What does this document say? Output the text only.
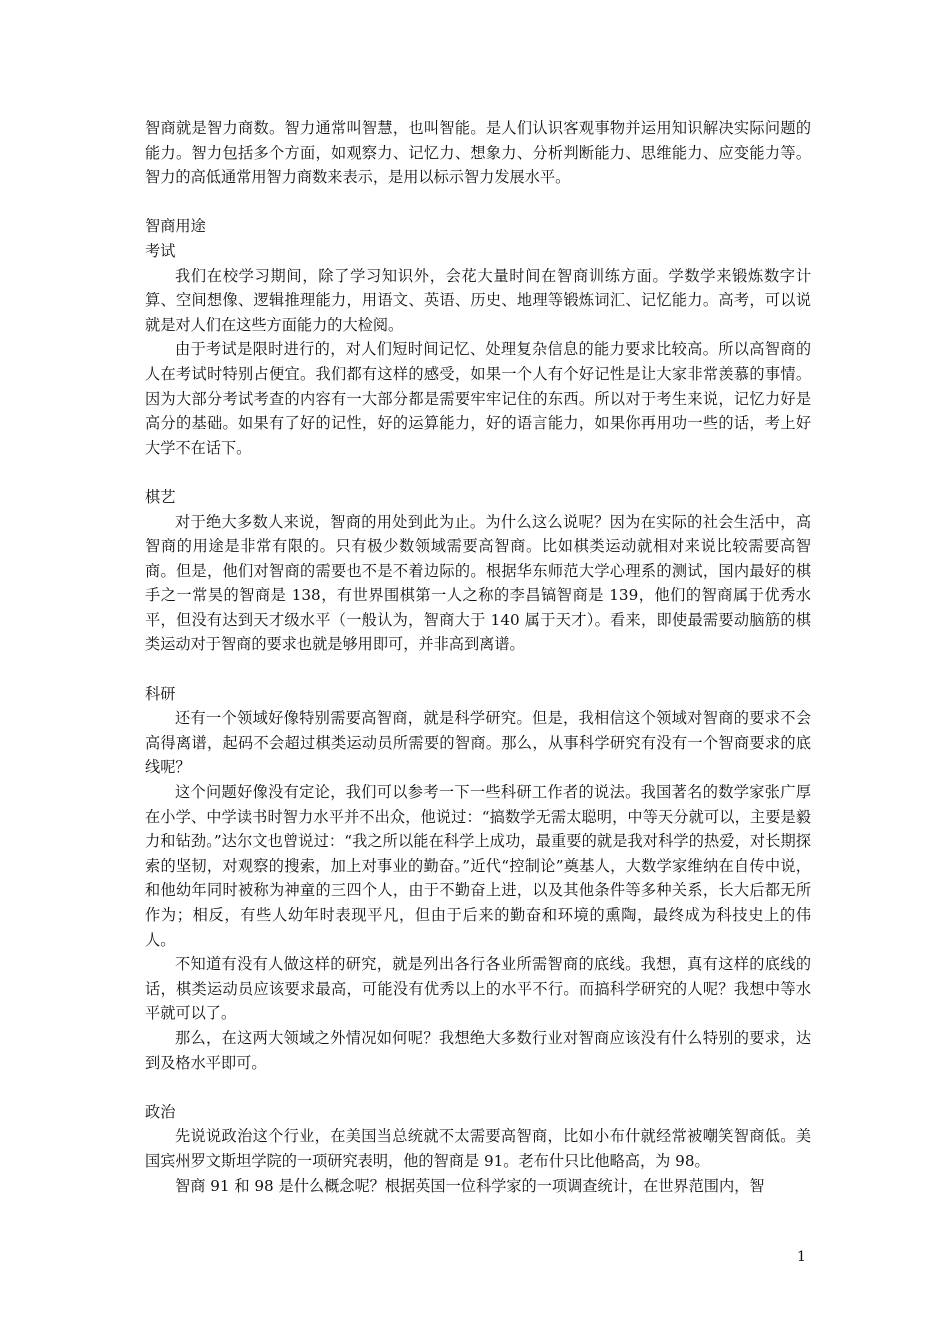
智商就是智力商数。智力通常叫智慧，也叫智能。是人们认识客观事物并运用知识解决实际问题的能力。智力包括多个方面，如观察力、记忆力、想象力、分析判断能力、思维能力、应变能力等。智力的高低通常用智力商数来表示，是用以标示智力发展水平。

智商用途

考试

我们在校学习期间，除了学习知识外，会花大量时间在智商训练方面。学数学来锻炼数字计算、空间想像、逻辑推理能力，用语文、英语、历史、地理等锻炼词汇、记忆能力。高考，可以说就是对人们在这些方面能力的大检阅。

由于考试是限时进行的，对人们短时间记忆、处理复杂信息的能力要求比较高。所以高智商的人在考试时特别占便宜。我们都有这样的感受，如果一个人有个好记性是让大家非常羡慕的事情。因为大部分考试考查的内容有一大部分都是需要牢牢记住的东西。所以对于考生来说，记忆力好是高分的基础。如果有了好的记性，好的运算能力，好的语言能力，如果你再用功一些的话，考上好大学不在话下。

棋艺

对于绝大多数人来说，智商的用处到此为止。为什么这么说呢？因为在实际的社会生活中，高智商的用途是非常有限的。只有极少数领域需要高智商。比如棋类运动就相对来说比较需要高智商。但是，他们对智商的需要也不是不着边际的。根据华东师范大学心理系的测试，国内最好的棋手之一常昊的智商是 138，有世界围棋第一人之称的李昌镐智商是 139，他们的智商属于优秀水平，但没有达到天才级水平（一般认为，智商大于 140 属于天才）。看来，即使最需要动脑筋的棋类运动对于智商的要求也就是够用即可，并非高到离谱。

科研

还有一个领域好像特别需要高智商，就是科学研究。但是，我相信这个领域对智商的要求不会高得离谱，起码不会超过棋类运动员所需要的智商。那么，从事科学研究有没有一个智商要求的底线呢？

这个问题好像没有定论，我们可以参考一下一些科研工作者的说法。我国著名的数学家张广厚在小学、中学读书时智力水平并不出众，他说过：“搞数学无需太聪明，中等天分就可以，主要是毅力和钻劲。”达尔文也曾说过：“我之所以能在科学上成功，最重要的就是我对科学的热爱，对长期探索的坚韧，对观察的搜索，加上对事业的勤奋。”近代“控制论”奠基人，大数学家维纳在自传中说，和他幼年同时被称为神童的三四个人，由于不勤奋上进，以及其他条件等多种关系，长大后都无所作为；相反，有些人幼年时表现平凡，但由于后来的勤奋和环境的熏陶，最终成为科技史上的伟人。

不知道有没有人做这样的研究，就是列出各行各业所需智商的底线。我想，真有这样的底线的话，棋类运动员应该要求最高，可能没有优秀以上的水平不行。而搞科学研究的人呢？我想中等水平就可以了。

那么，在这两大领域之外情况如何呢？我想绝大多数行业对智商应该没有什么特别的要求，达到及格水平即可。

政治

先说说政治这个行业，在美国当总统就不太需要高智商，比如小布什就经常被嘲笑智商低。美国宾州罗文斯坦学院的一项研究表明，他的智商是 91。老布什只比他略高，为 98。

智商 91 和 98 是什么概念呢？根据英国一位科学家的一项调查统计，在世界范围内，智

1
